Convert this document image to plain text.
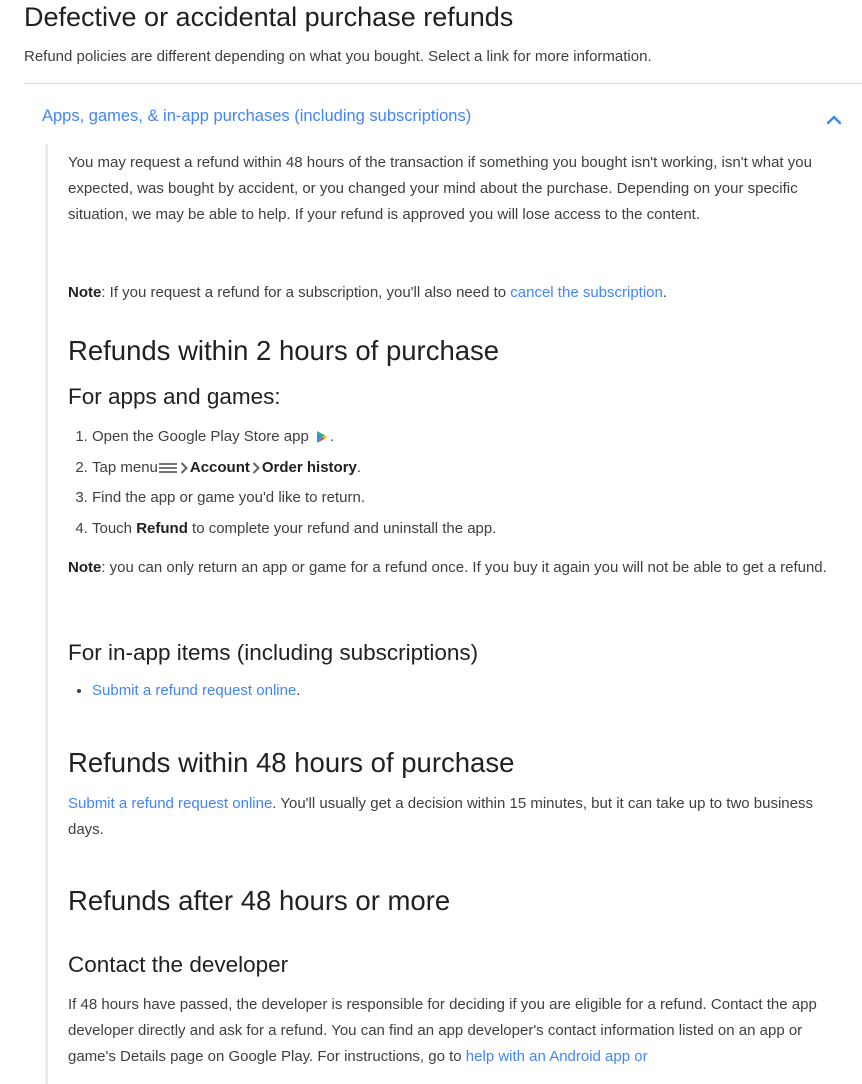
Defective or accidental purchase refunds

Refund policies are different depending on what you bought. Select a link for more information.

Apps, games, & in-app purchases (including subscriptions)

You may request a refund within 48 hours of the transaction if something you bought isn't working, isn't what you expected, was bought by accident, or you changed your mind about the purchase. Depending on your specific situation, we may be able to help. If your refund is approved you will lose access to the content.

Note: If you request a refund for a subscription, you'll also need to cancel the subscription.

Refunds within 2 hours of purchase
For apps and games:
1. Open the Google Play Store app .
2. Tap menu Account Order history.
3. Find the app or game you'd like to return.
4. Touch Refund to complete your refund and uninstall the app.

Note: you can only return an app or game for a refund once. If you buy it again you will not be able to get a refund.

For in-app items (including subscriptions)
• Submit a refund request online.
Refunds within 48 hours of purchase

Submit a refund request online. You'll usually get a decision within 15 minutes, but it can take up to two business days.

Refunds after 48 hours or more
Contact the developer

If 48 hours have passed, the developer is responsible for deciding if you are eligible for a refund. Contact the app developer directly and ask for a refund. You can find an app developer's contact information listed on an app or game's Details page on Google Play. For instructions, go to help with an Android app or
